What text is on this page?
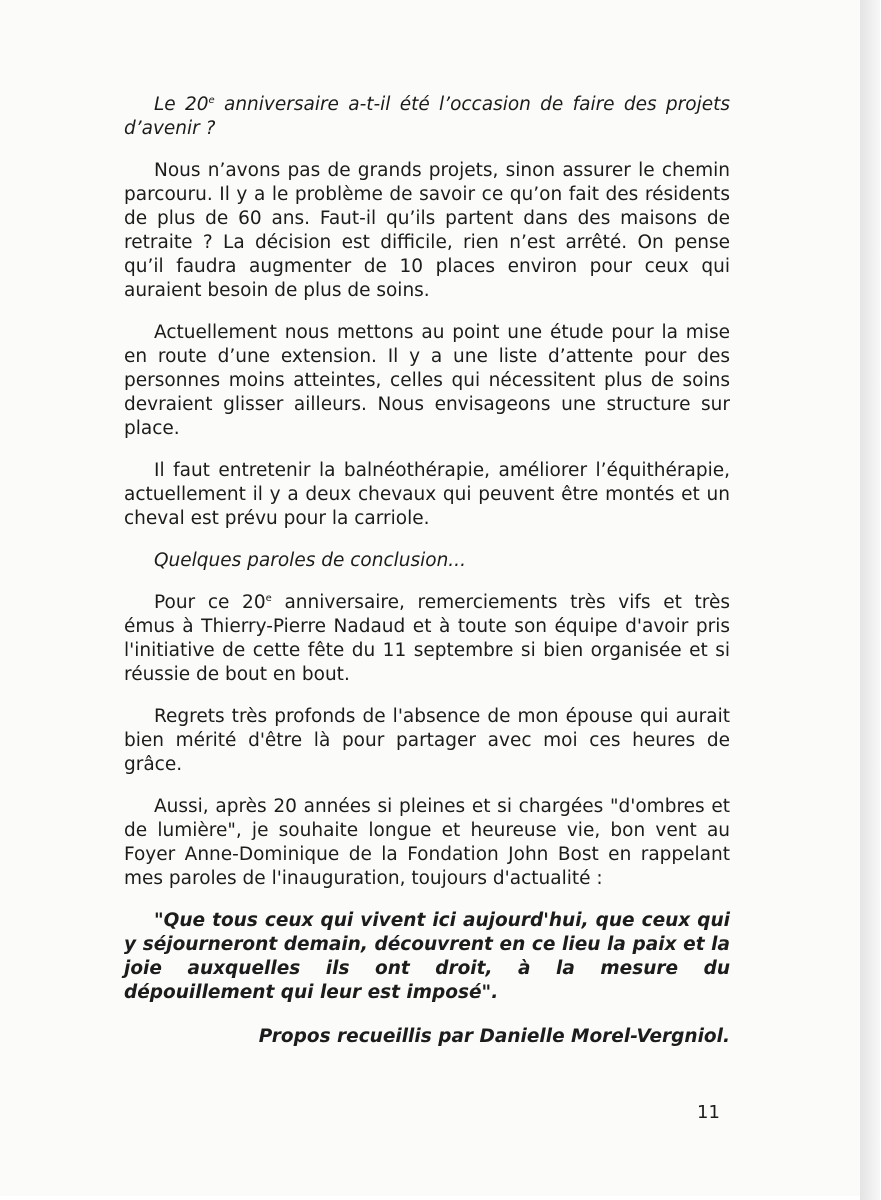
Le 20e anniversaire a-t-il été l’occasion de faire des projets d’avenir ?

Nous n’avons pas de grands projets, sinon assurer le chemin parcouru. Il y a le problème de savoir ce qu’on fait des résidents de plus de 60 ans. Faut-il qu’ils partent dans des maisons de retraite ? La décision est difficile, rien n’est arrêté. On pense qu’il faudra augmenter de 10 places environ pour ceux qui auraient besoin de plus de soins.

Actuellement nous mettons au point une étude pour la mise en route d’une extension. Il y a une liste d’attente pour des personnes moins atteintes, celles qui nécessitent plus de soins devraient glisser ailleurs. Nous envisageons une structure sur place.

Il faut entretenir la balnéothérapie, améliorer l’équithérapie, actuellement il y a deux chevaux qui peuvent être montés et un cheval est prévu pour la carriole.

Quelques paroles de conclusion...

Pour ce 20e anniversaire, remerciements très vifs et très émus à Thierry-Pierre Nadaud et à toute son équipe d'avoir pris l'initiative de cette fête du 11 septembre si bien organisée et si réussie de bout en bout.

Regrets très profonds de l'absence de mon épouse qui aurait bien mérité d'être là pour partager avec moi ces heures de grâce.

Aussi, après 20 années si pleines et si chargées "d'ombres et de lumière", je souhaite longue et heureuse vie, bon vent au Foyer Anne-Dominique de la Fondation John Bost en rappelant mes paroles de l'inauguration, toujours d'actualité :

"Que tous ceux qui vivent ici aujourd'hui, que ceux qui y séjourneront demain, découvrent en ce lieu la paix et la joie auxquelles ils ont droit, à la mesure du dépouillement qui leur est imposé".

Propos recueillis par Danielle Morel-Vergniol.

11
